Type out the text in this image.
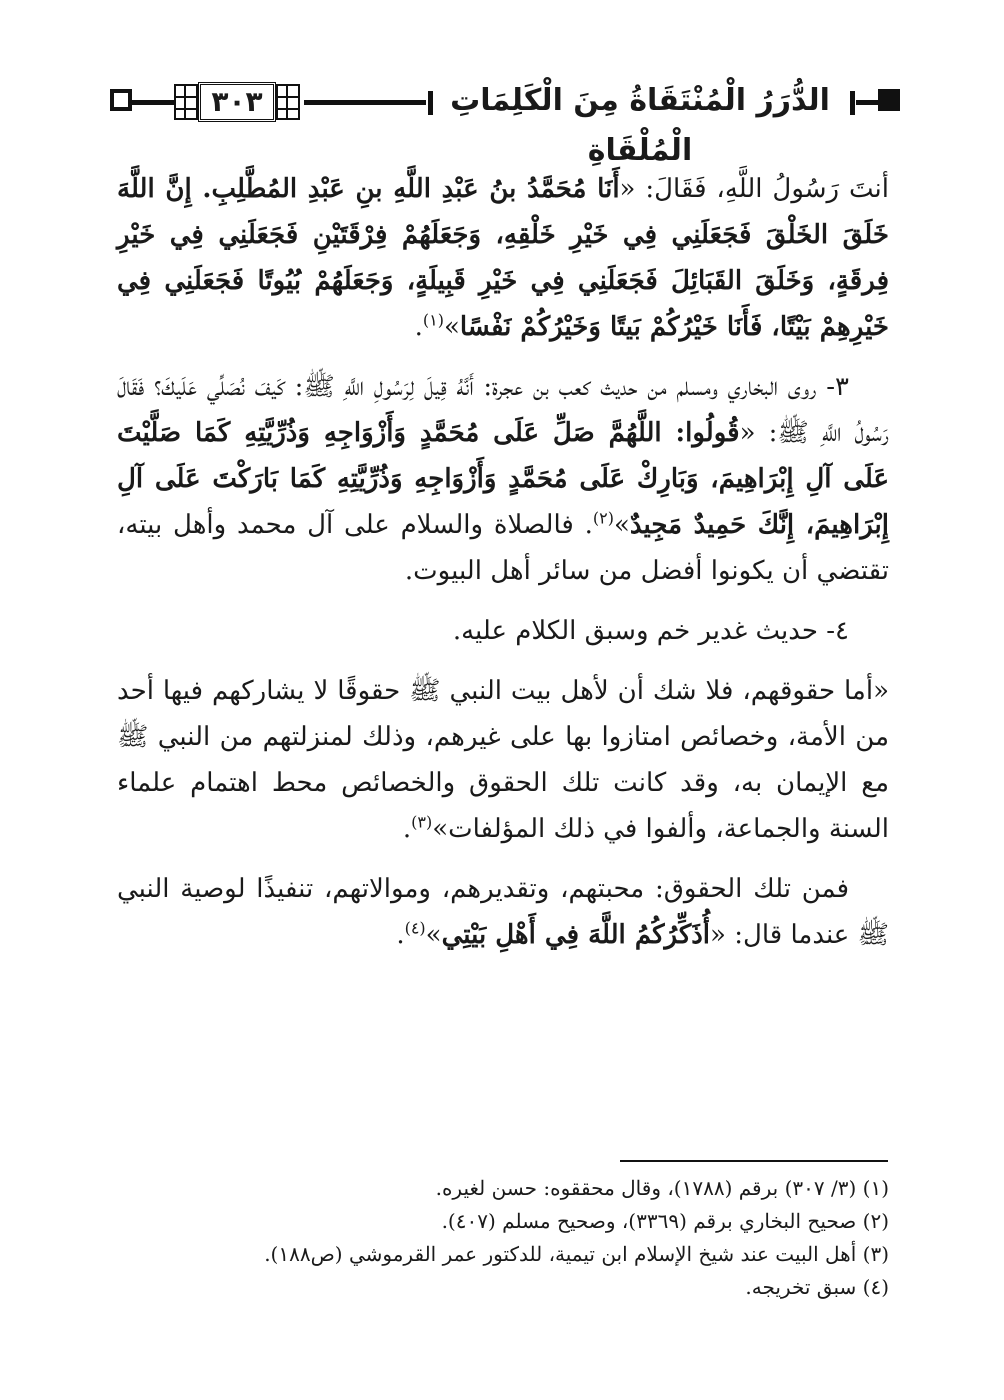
٣٠٣	الدُّرَرُ الْمُنْتَقَاةُ مِنَ الْكَلِمَاتِ الْمُلْقَاةِ

أنتَ رَسُولُ اللَّهِ، فَقَالَ: «أَنَا مُحَمَّدُ بنُ عَبْدِ اللَّهِ بنِ عَبْدِ المُطَّلِبِ. إِنَّ اللَّهَ خَلَقَ الخَلْقَ فَجَعَلَنِي فِي خَيْرِ خَلْقِهِ، وَجَعَلَهُمْ فِرْقَتَيْنِ فَجَعَلَنِي فِي خَيْرِ فِرقَةٍ، وَخَلَقَ القَبَائِلَ فَجَعَلَنِي فِي خَيْرِ قَبِيلَةٍ، وَجَعَلَهُمْ بُيُوتًا فَجَعَلَنِي فِي خَيْرِهِمْ بَيْتًا، فَأَنَا خَيْرُكُمْ بَيتًا وَخَيْرُكُمْ نَفْسًا»$^{(١)}$.

٣- روى البخاري ومسلم من حديث كعب بن عجرة: أَنَّهُ قِيلَ لِرَسُولِ اللَّهِ ﷺ: كَيفَ نُصَلِّي عَلَيكَ؟ فَقَالَ رَسُولُ اللَّهِ ﷺ: «قُولُوا: اللَّهُمَّ صَلِّ عَلَى مُحَمَّدٍ وَأَزْوَاجِهِ وَذُرِّيَّتِهِ كَمَا صَلَّيْتَ عَلَى آلِ إِبْرَاهِيمَ، وَبَارِكْ عَلَى مُحَمَّدٍ وَأَزْوَاجِهِ وَذُرِّيَّتِهِ كَمَا بَارَكْتَ عَلَى آلِ إِبْرَاهِيمَ، إِنَّكَ حَمِيدٌ مَجِيدٌ»$^{(٢)}$. فالصلاة والسلام على آل محمد وأهل بيته، تقتضي أن يكونوا أفضل من سائر أهل البيوت.

٤- حديث غدير خم وسبق الكلام عليه.

«أما حقوقهم، فلا شك أن لأهل بيت النبي ﷺ حقوقًا لا يشاركهم فيها أحد من الأمة، وخصائص امتازوا بها على غيرهم، وذلك لمنزلتهم من النبي ﷺ مع الإيمان به، وقد كانت تلك الحقوق والخصائص محط اهتمام علماء السنة والجماعة، وألفوا في ذلك المؤلفات»$^{(٣)}$.

فمن تلك الحقوق: محبتهم، وتقديرهم، وموالاتهم، تنفيذًا لوصية النبي ﷺ عندما قال: «أُذَكِّرُكُمُ اللَّهَ فِي أَهْلِ بَيْتِي»$^{(٤)}$.

(١) (٣/ ٣٠٧) برقم (١٧٨٨)، وقال محققوه: حسن لغيره.
(٢) صحيح البخاري برقم (٣٣٦٩)، وصحيح مسلم (٤٠٧).
(٣) أهل البيت عند شيخ الإسلام ابن تيمية، للدكتور عمر القرموشي (ص١٨٨).
(٤) سبق تخريجه.
